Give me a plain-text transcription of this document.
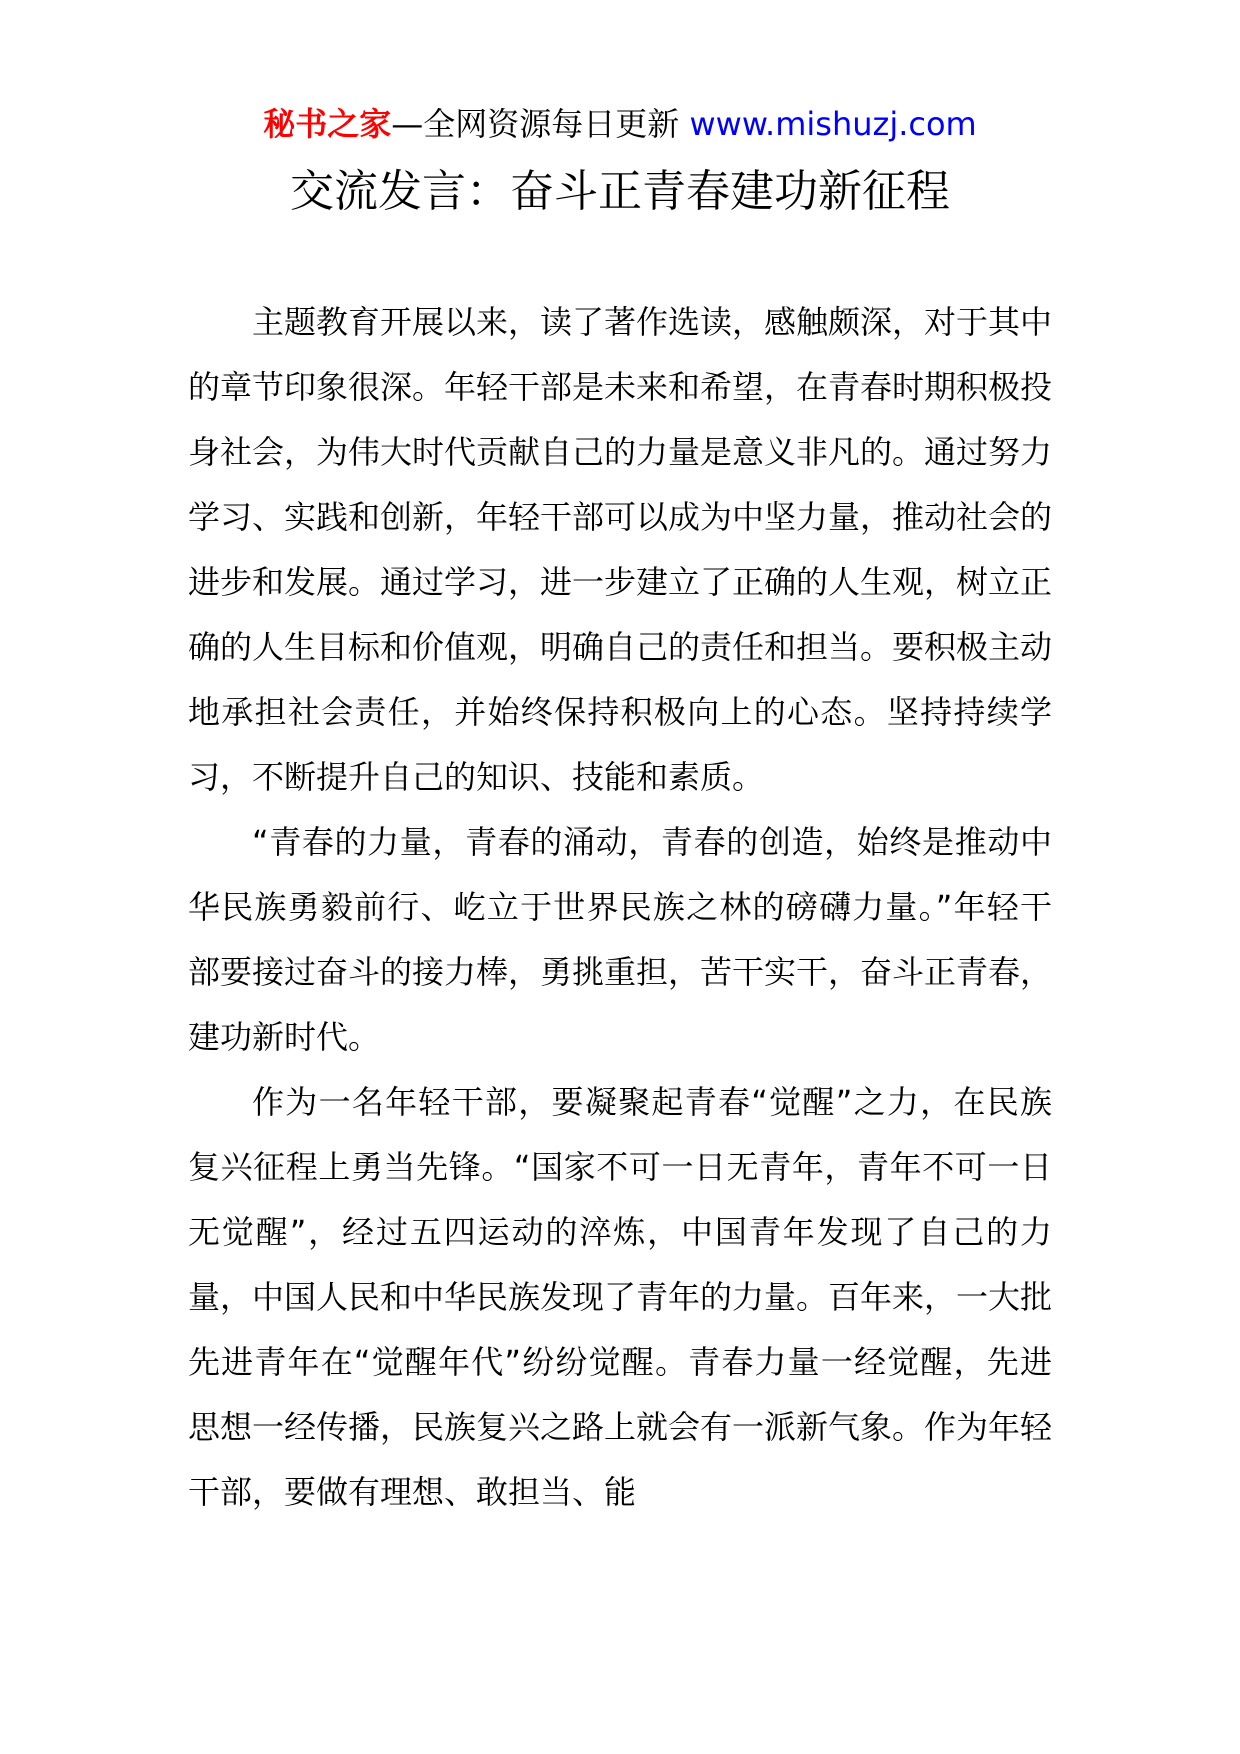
秘书之家—全网资源每日更新 www.mishuzj.com
交流发言：奋斗正青春建功新征程

主题教育开展以来，读了著作选读，感触颇深，对于其中的章节印象很深。年轻干部是未来和希望，在青春时期积极投身社会，为伟大时代贡献自己的力量是意义非凡的。通过努力学习、实践和创新，年轻干部可以成为中坚力量，推动社会的进步和发展。通过学习，进一步建立了正确的人生观，树立正确的人生目标和价值观，明确自己的责任和担当。要积极主动地承担社会责任，并始终保持积极向上的心态。坚持持续学习，不断提升自己的知识、技能和素质。

“青春的力量，青春的涌动，青春的创造，始终是推动中华民族勇毅前行、屹立于世界民族之林的磅礴力量。”年轻干部要接过奋斗的接力棒，勇挑重担，苦干实干，奋斗正青春，建功新时代。

作为一名年轻干部，要凝聚起青春“觉醒”之力，在民族复兴征程上勇当先锋。“国家不可一日无青年，青年不可一日无觉醒”，经过五四运动的淬炼，中国青年发现了自己的力量，中国人民和中华民族发现了青年的力量。百年来，一大批先进青年在“觉醒年代”纷纷觉醒。青春力量一经觉醒，先进思想一经传播，民族复兴之路上就会有一派新气象。作为年轻干部，要做有理想、敢担当、能
